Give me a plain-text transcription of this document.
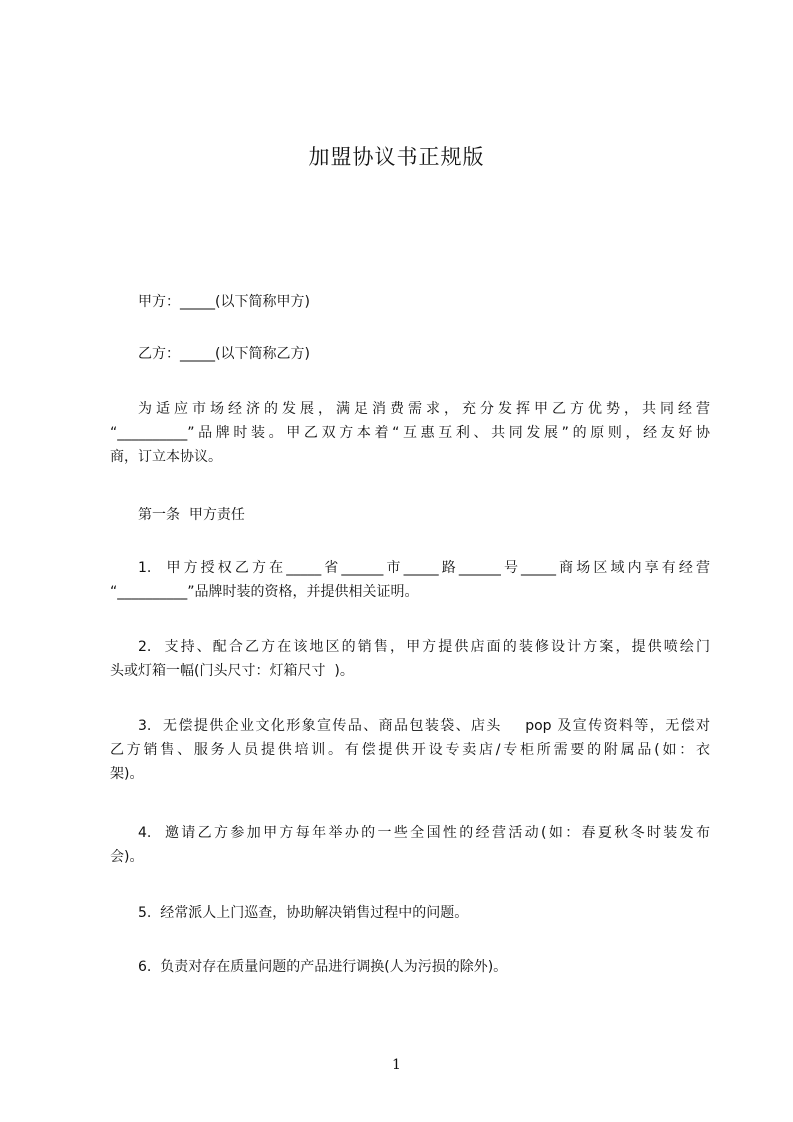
加盟协议书正规版

甲方：_____(以下简称甲方)

乙方：_____(以下简称乙方)

为适应市场经济的发展，满足消费需求，充分发挥甲乙方优势，共同经营
“__________”品牌时装。甲乙双方本着“互惠互利、共同发展”的原则，经友好协
商，订立本协议。

第一条  甲方责任

1.  甲方授权乙方在_____省______市_____路______号_____商场区域内享有经营
“__________”品牌时装的资格，并提供相关证明。

2.  支持、配合乙方在该地区的销售，甲方提供店面的装修设计方案，提供喷绘门
头或灯箱一幅(门头尺寸：灯箱尺寸  )。

3.  无偿提供企业文化形象宣传品、商品包装袋、店头    pop 及宣传资料等，无偿对
乙方销售、服务人员提供培训。有偿提供开设专卖店/专柜所需要的附属品(如：衣
架)。

4.  邀请乙方参加甲方每年举办的一些全国性的经营活动(如：春夏秋冬时装发布
会)。

5.  经常派人上门巡查，协助解决销售过程中的问题。

6.  负责对存在质量问题的产品进行调换(人为污损的除外)。

1
